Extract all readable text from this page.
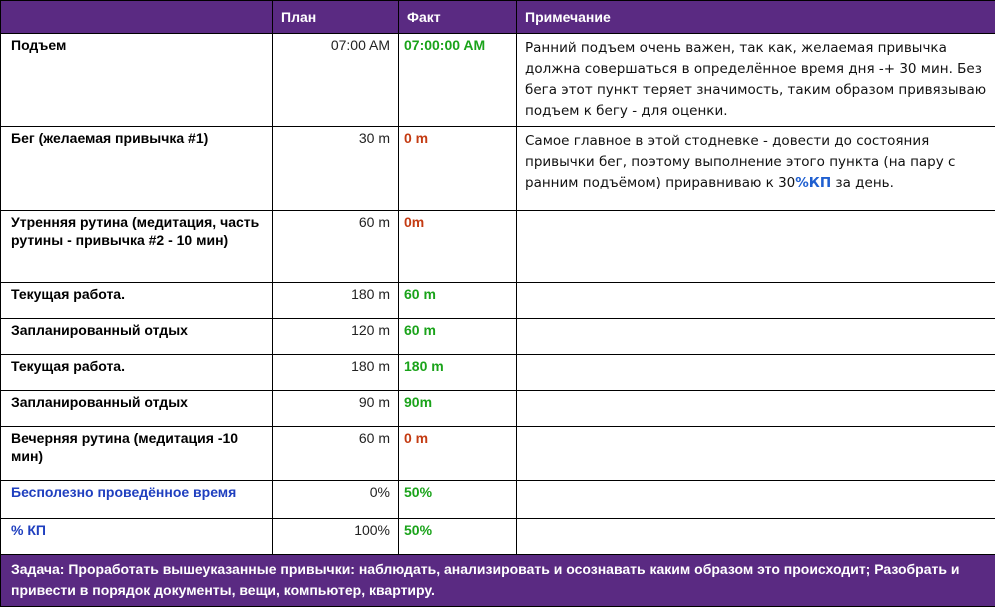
	План	Факт	Примечание
Подъем	07:00 AM	07:00:00 AM	Ранний подъем очень важен, так как, желаемая привычка должна совершаться в определённое время дня -+ 30 мин. Без бега этот пункт теряет значимость, таким образом привязываю подъем к бегу - для оценки.
Бег (желаемая привычка #1)	30 m	0 m	Самое главное в этой стодневке - довести до состояния привычки бег, поэтому выполнение этого пункта (на пару с ранним подъёмом) приравниваю к 30%КП за день.
Утренняя рутина (медитация, часть рутины - привычка #2 - 10 мин)	60 m	0m	
Текущая работа.	180 m	60 m	
Запланированный отдых	120 m	60 m	
Текущая работа.	180 m	180 m	
Запланированный отдых	90 m	90m	
Вечерняя рутина (медитация -10 мин)	60 m	0 m	
Бесполезно проведённое время	0%	50%	
% КП	100%	50%	
Задача: Проработать вышеуказанные привычки: наблюдать, анализировать и осознавать каким образом это происходит; Разобрать и привести в порядок документы, вещи, компьютер, квартиру.			
